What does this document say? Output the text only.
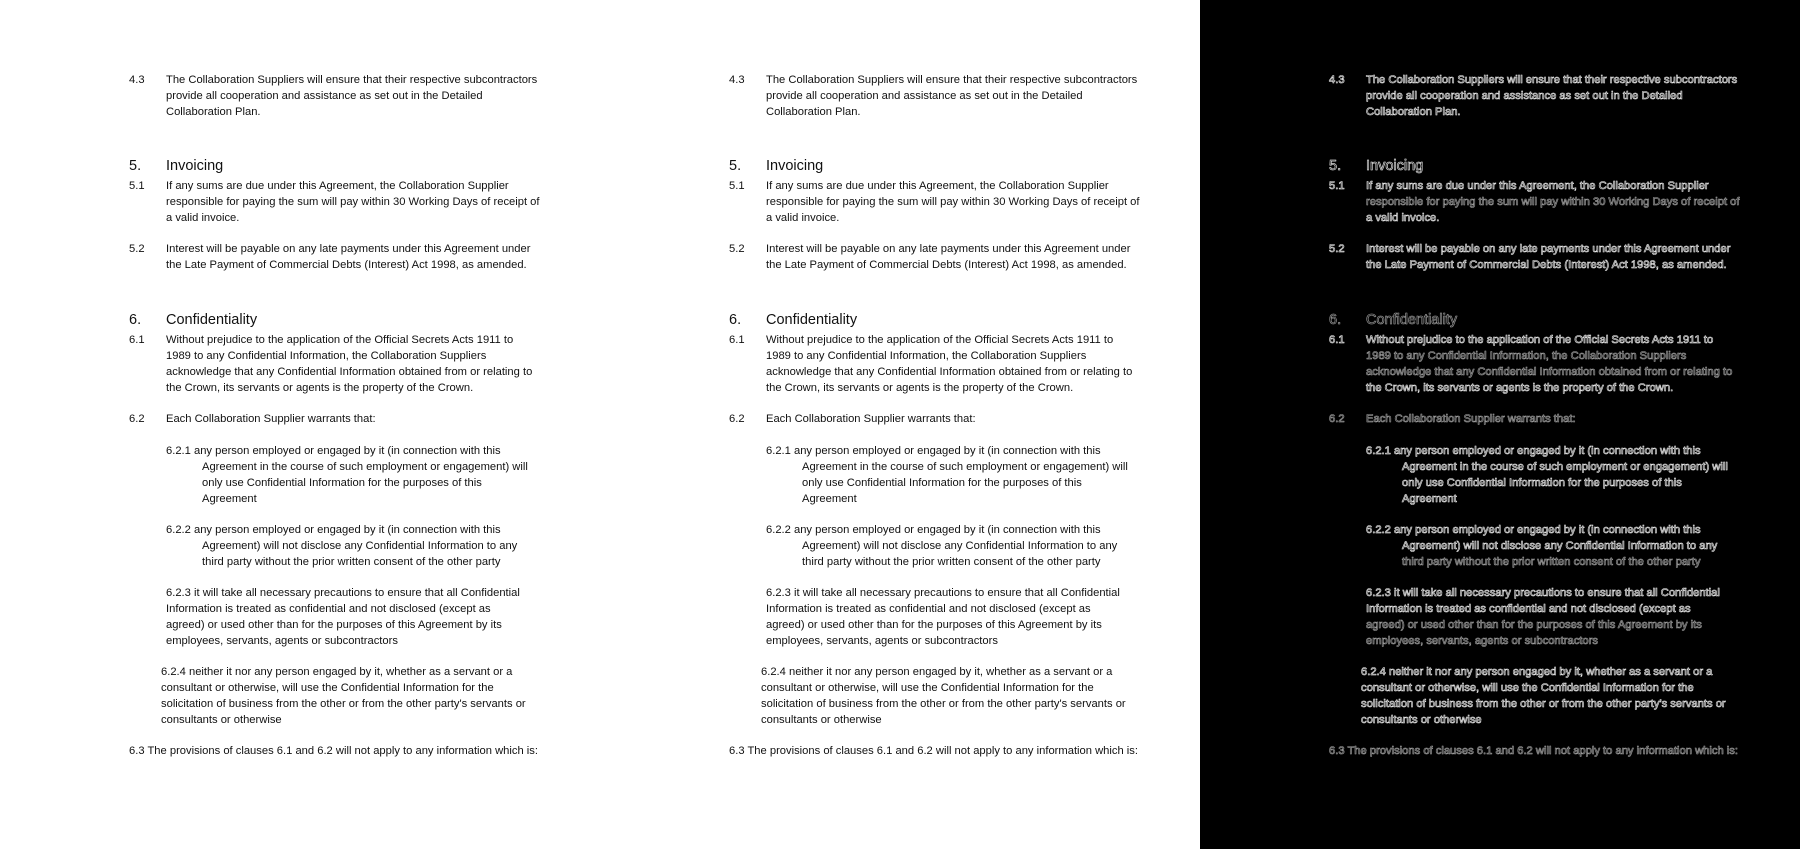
4.3 The Collaboration Suppliers will ensure that their respective subcontractors
provide all cooperation and assistance as set out in the Detailed
Collaboration Plan.
5. Invoicing
5.1 If any sums are due under this Agreement, the Collaboration Supplier
responsible for paying the sum will pay within 30 Working Days of receipt of
a valid invoice.
5.2 Interest will be payable on any late payments under this Agreement under
the Late Payment of Commercial Debts (Interest) Act 1998, as amended.
6. Confidentiality
6.1 Without prejudice to the application of the Official Secrets Acts 1911 to
1989 to any Confidential Information, the Collaboration Suppliers
acknowledge that any Confidential Information obtained from or relating to
the Crown, its servants or agents is the property of the Crown.
6.2 Each Collaboration Supplier warrants that:
6.2.1 any person employed or engaged by it (in connection with this
Agreement in the course of such employment or engagement) will
only use Confidential Information for the purposes of this
Agreement
6.2.2 any person employed or engaged by it (in connection with this
Agreement) will not disclose any Confidential Information to any
third party without the prior written consent of the other party
6.2.3 it will take all necessary precautions to ensure that all Confidential
Information is treated as confidential and not disclosed (except as
agreed) or used other than for the purposes of this Agreement by its
employees, servants, agents or subcontractors
6.2.4 neither it nor any person engaged by it, whether as a servant or a
consultant or otherwise, will use the Confidential Information for the
solicitation of business from the other or from the other party's servants or
consultants or otherwise
6.3 The provisions of clauses 6.1 and 6.2 will not apply to any information which is:
4.3 The Collaboration Suppliers will ensure that their respective subcontractors
provide all cooperation and assistance as set out in the Detailed
Collaboration Plan.
5. Invoicing
5.1 If any sums are due under this Agreement, the Collaboration Supplier
responsible for paying the sum will pay within 30 Working Days of receipt of
a valid invoice.
5.2 Interest will be payable on any late payments under this Agreement under
the Late Payment of Commercial Debts (Interest) Act 1998, as amended.
6. Confidentiality
6.1 Without prejudice to the application of the Official Secrets Acts 1911 to
1989 to any Confidential Information, the Collaboration Suppliers
acknowledge that any Confidential Information obtained from or relating to
the Crown, its servants or agents is the property of the Crown.
6.2 Each Collaboration Supplier warrants that:
6.2.1 any person employed or engaged by it (in connection with this
Agreement in the course of such employment or engagement) will
only use Confidential Information for the purposes of this
Agreement
6.2.2 any person employed or engaged by it (in connection with this
Agreement) will not disclose any Confidential Information to any
third party without the prior written consent of the other party
6.2.3 it will take all necessary precautions to ensure that all Confidential
Information is treated as confidential and not disclosed (except as
agreed) or used other than for the purposes of this Agreement by its
employees, servants, agents or subcontractors
6.2.4 neither it nor any person engaged by it, whether as a servant or a
consultant or otherwise, will use the Confidential Information for the
solicitation of business from the other or from the other party's servants or
consultants or otherwise
6.3 The provisions of clauses 6.1 and 6.2 will not apply to any information which is:
4.3 The Collaboration Suppliers will ensure that their respective subcontractors
provide all cooperation and assistance as set out in the Detailed
Collaboration Plan.
5. Invoicing
5.1 If any sums are due under this Agreement, the Collaboration Supplier
responsible for paying the sum will pay within 30 Working Days of receipt of
a valid invoice.
5.2 Interest will be payable on any late payments under this Agreement under
the Late Payment of Commercial Debts (Interest) Act 1998, as amended.
6. Confidentiality
6.1 Without prejudice to the application of the Official Secrets Acts 1911 to
1989 to any Confidential Information, the Collaboration Suppliers
acknowledge that any Confidential Information obtained from or relating to
the Crown, its servants or agents is the property of the Crown.
6.2 Each Collaboration Supplier warrants that:
6.2.1 any person employed or engaged by it (in connection with this
Agreement in the course of such employment or engagement) will
only use Confidential Information for the purposes of this
Agreement
6.2.2 any person employed or engaged by it (in connection with this
Agreement) will not disclose any Confidential Information to any
third party without the prior written consent of the other party
6.2.3 it will take all necessary precautions to ensure that all Confidential
Information is treated as confidential and not disclosed (except as
agreed) or used other than for the purposes of this Agreement by its
employees, servants, agents or subcontractors
6.2.4 neither it nor any person engaged by it, whether as a servant or a
consultant or otherwise, will use the Confidential Information for the
solicitation of business from the other or from the other party's servants or
consultants or otherwise
6.3 The provisions of clauses 6.1 and 6.2 will not apply to any information which is:
